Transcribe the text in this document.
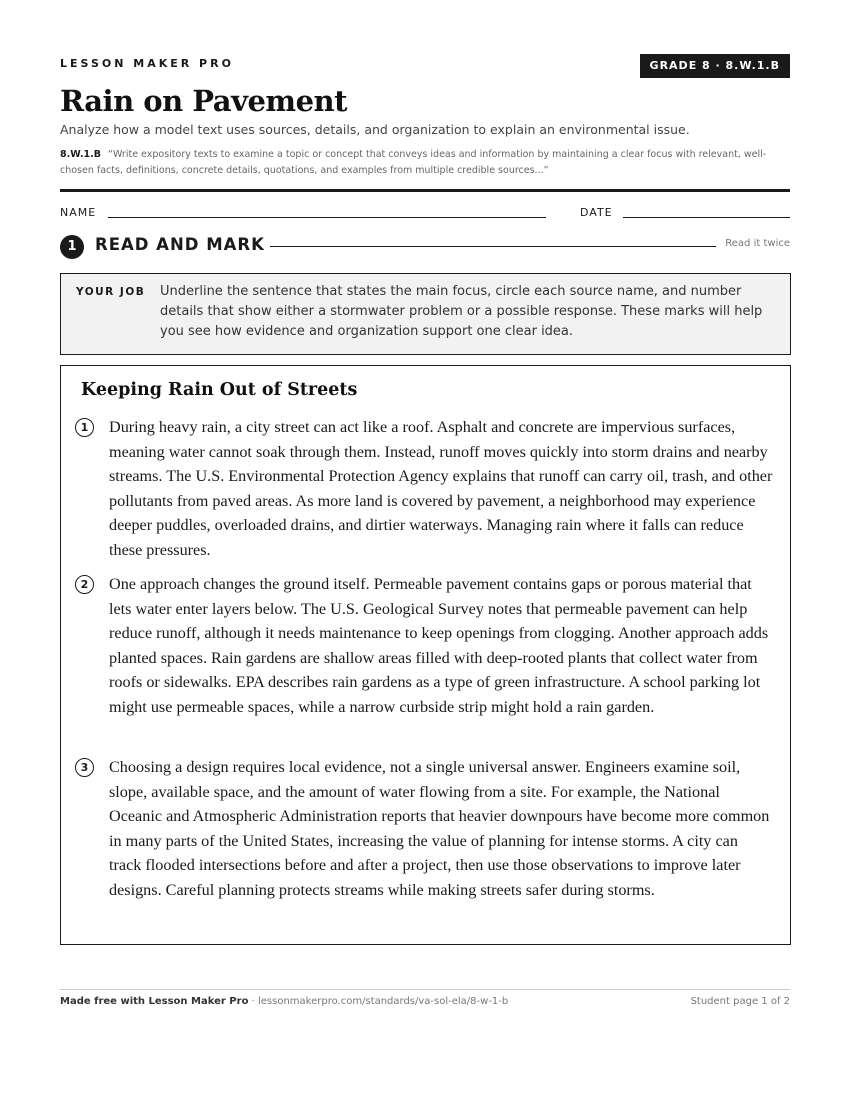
LESSON MAKER PRO	GRADE 8 · 8.W.1.B
Rain on Pavement
Analyze how a model text uses sources, details, and organization to explain an environmental issue.
8.W.1.B “Write expository texts to examine a topic or concept that conveys ideas and information by maintaining a clear focus with relevant, well-chosen facts, definitions, concrete details, quotations, and examples from multiple credible sources...”
NAME	DATE
1	READ AND MARK	Read it twice
YOUR JOB Underline the sentence that states the main focus, circle each source name, and number details that show either a stormwater problem or a possible response. These marks will help you see how evidence and organization support one clear idea.
Keeping Rain Out of Streets
1	During heavy rain, a city street can act like a roof. Asphalt and concrete are impervious surfaces, meaning water cannot soak through them. Instead, runoff moves quickly into storm drains and nearby streams. The U.S. Environmental Protection Agency explains that runoff can carry oil, trash, and other pollutants from paved areas. As more land is covered by pavement, a neighborhood may experience deeper puddles, overloaded drains, and dirtier waterways. Managing rain where it falls can reduce these pressures.
2	One approach changes the ground itself. Permeable pavement contains gaps or porous material that lets water enter layers below. The U.S. Geological Survey notes that permeable pavement can help reduce runoff, although it needs maintenance to keep openings from clogging. Another approach adds planted spaces. Rain gardens are shallow areas filled with deep-rooted plants that collect water from roofs or sidewalks. EPA describes rain gardens as a type of green infrastructure. A school parking lot might use permeable spaces, while a narrow curbside strip might hold a rain garden.
3	Choosing a design requires local evidence, not a single universal answer. Engineers examine soil, slope, available space, and the amount of water flowing from a site. For example, the National Oceanic and Atmospheric Administration reports that heavier downpours have become more common in many parts of the United States, increasing the value of planning for intense storms. A city can track flooded intersections before and after a project, then use those observations to improve later designs. Careful planning protects streams while making streets safer during storms.
Made free with Lesson Maker Pro · lessonmakerpro.com/standards/va-sol-ela/8-w-1-b	Student page 1 of 2
